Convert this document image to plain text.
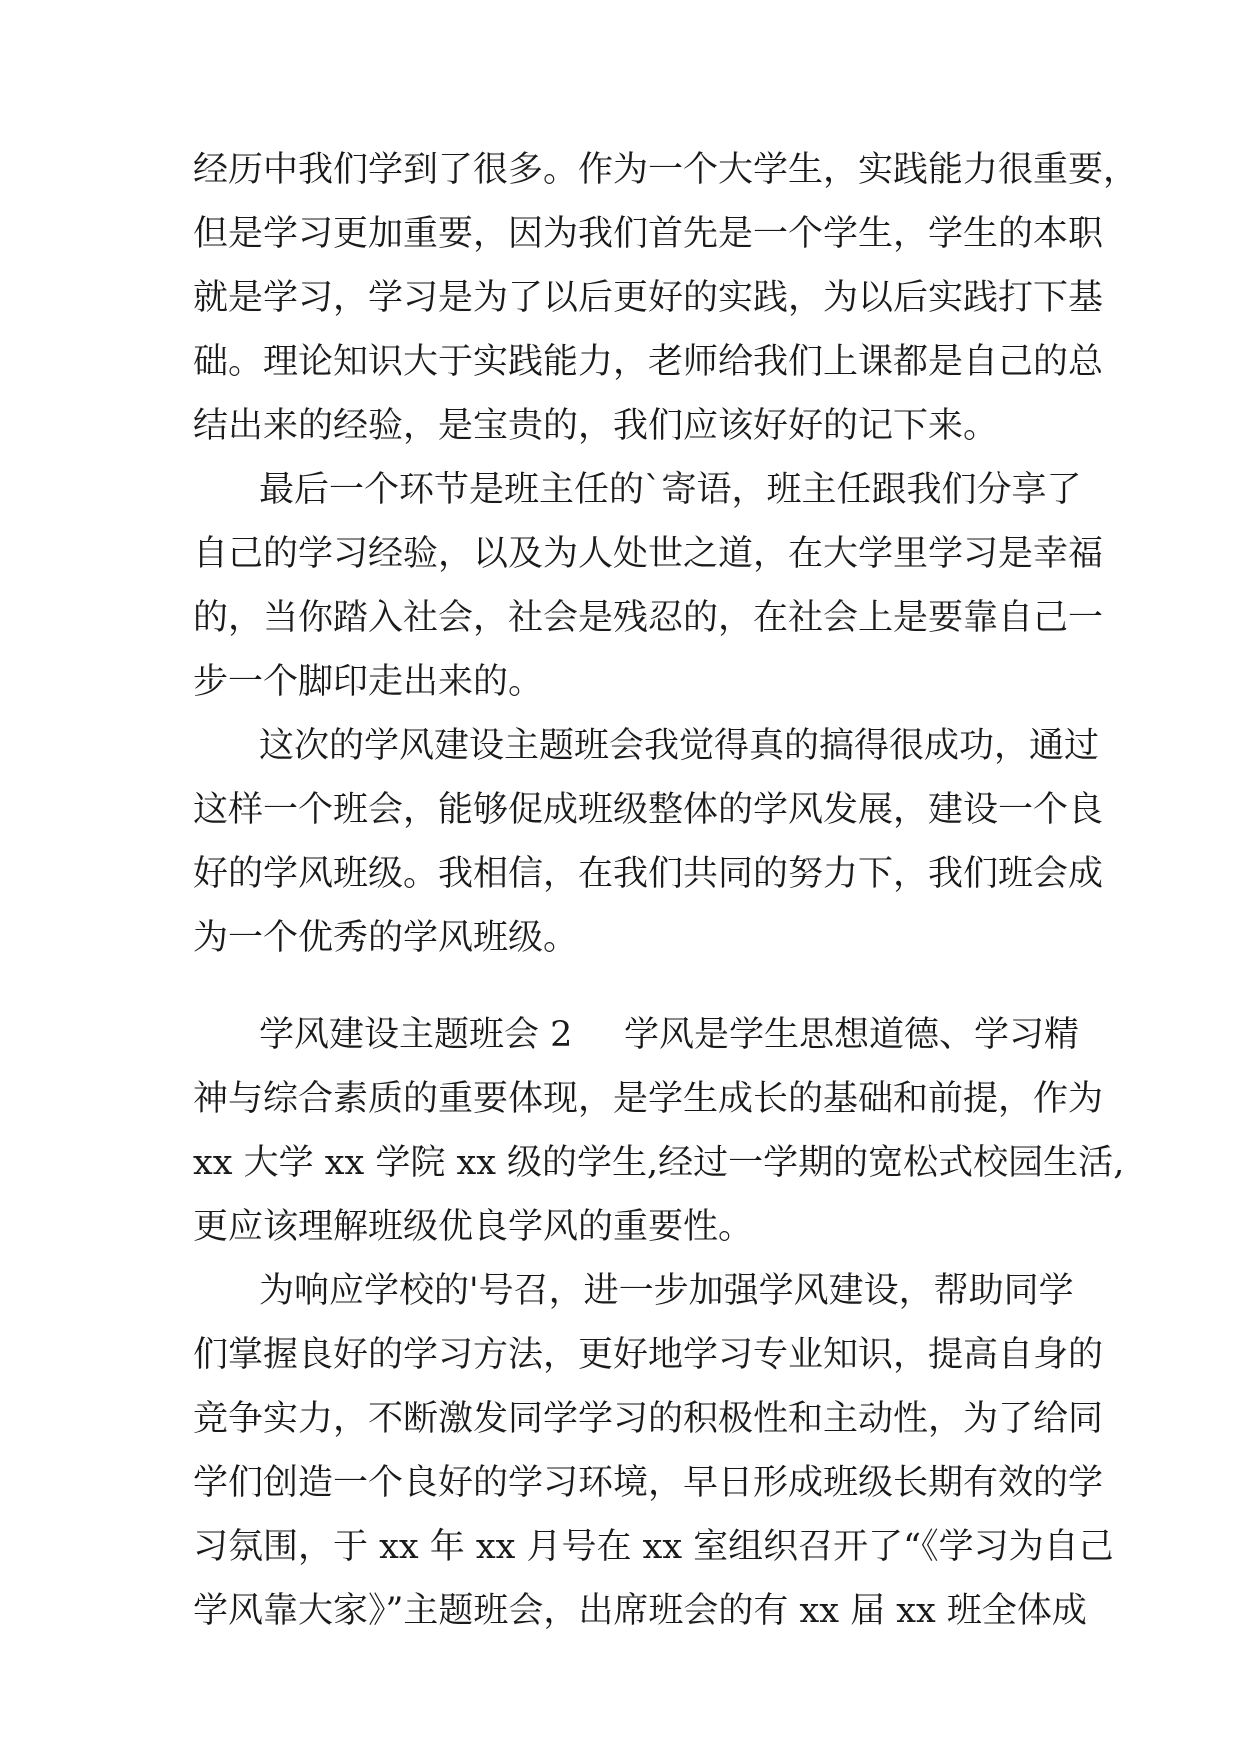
经历中我们学到了很多。作为一个大学生，实践能力很重要，
但是学习更加重要，因为我们首先是一个学生，学生的本职
就是学习，学习是为了以后更好的实践，为以后实践打下基
础。理论知识大于实践能力，老师给我们上课都是自己的总
结出来的经验，是宝贵的，我们应该好好的记下来。
最后一个环节是班主任的`寄语，班主任跟我们分享了
自己的学习经验，以及为人处世之道，在大学里学习是幸福
的，当你踏入社会，社会是残忍的，在社会上是要靠自己一
步一个脚印走出来的。
这次的学风建设主题班会我觉得真的搞得很成功，通过
这样一个班会，能够促成班级整体的学风发展，建设一个良
好的学风班级。我相信，在我们共同的努力下，我们班会成
为一个优秀的学风班级。
学风建设主题班会 2 学风是学生思想道德、学习精
神与综合素质的重要体现，是学生成长的基础和前提，作为
xx 大学 xx 学院 xx 级的学生,经过一学期的宽松式校园生活,
更应该理解班级优良学风的重要性。
为响应学校的'号召，进一步加强学风建设，帮助同学
们掌握良好的学习方法，更好地学习专业知识，提高自身的
竞争实力，不断激发同学学习的积极性和主动性，为了给同
学们创造一个良好的学习环境，早日形成班级长期有效的学
习氛围，于 xx 年 xx 月号在 xx 室组织召开了“《学习为自己
学风靠大家》”主题班会，出席班会的有 xx 届 xx 班全体成
